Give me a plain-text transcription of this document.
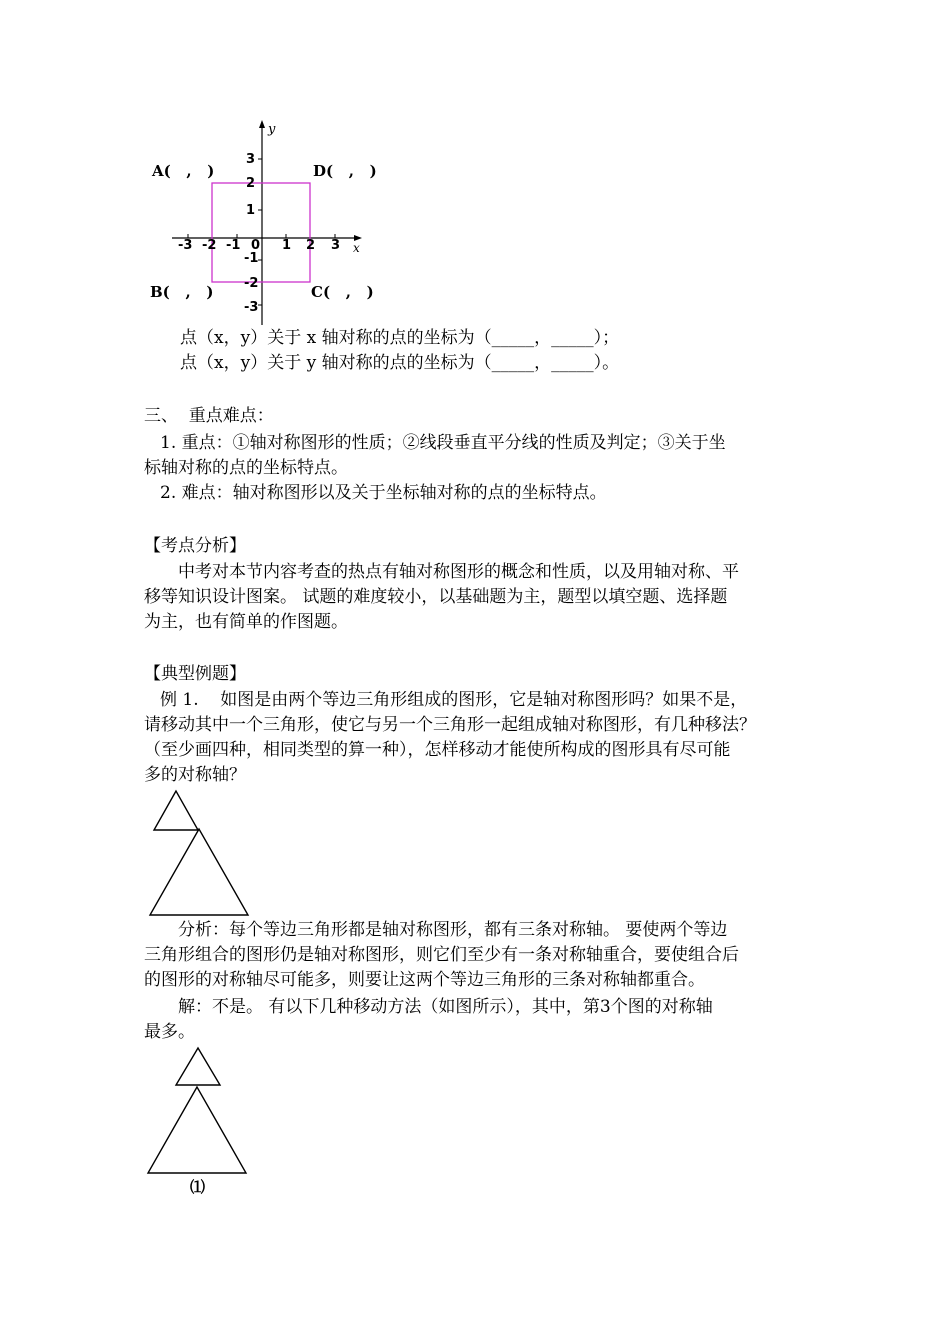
y
x
3
2
1
-1
-2
-3
-3 -2 -1 0 1 2 3
A(   ,   )	D(   ,   )
B(   ,   )	C(   ,   )
点（x，y）关于 x 轴对称的点的坐标为（_____，_____）；
点（x，y）关于 y 轴对称的点的坐标为（_____，_____）。
三、  重点难点：
1. 重点：①轴对称图形的性质；②线段垂直平分线的性质及判定；③关于坐
标轴对称的点的坐标特点。
2. 难点：轴对称图形以及关于坐标轴对称的点的坐标特点。
【考点分析】
中考对本节内容考查的热点有轴对称图形的概念和性质，以及用轴对称、平
移等知识设计图案。 试题的难度较小，以基础题为主，题型以填空题、选择题
为主，也有简单的作图题。
【典型例题】
例 1.    如图是由两个等边三角形组成的图形，它是轴对称图形吗？如果不是，
请移动其中一个三角形，使它与另一个三角形一起组成轴对称图形，有几种移法？
（至少画四种，相同类型的算一种），怎样移动才能使所构成的图形具有尽可能
多的对称轴？
分析：每个等边三角形都是轴对称图形，都有三条对称轴。 要使两个等边
三角形组合的图形仍是轴对称图形，则它们至少有一条对称轴重合，要使组合后
的图形的对称轴尽可能多，则要让这两个等边三角形的三条对称轴都重合。
解：不是。 有以下几种移动方法（如图所示），其中，第3个图的对称轴
最多。
⑴
